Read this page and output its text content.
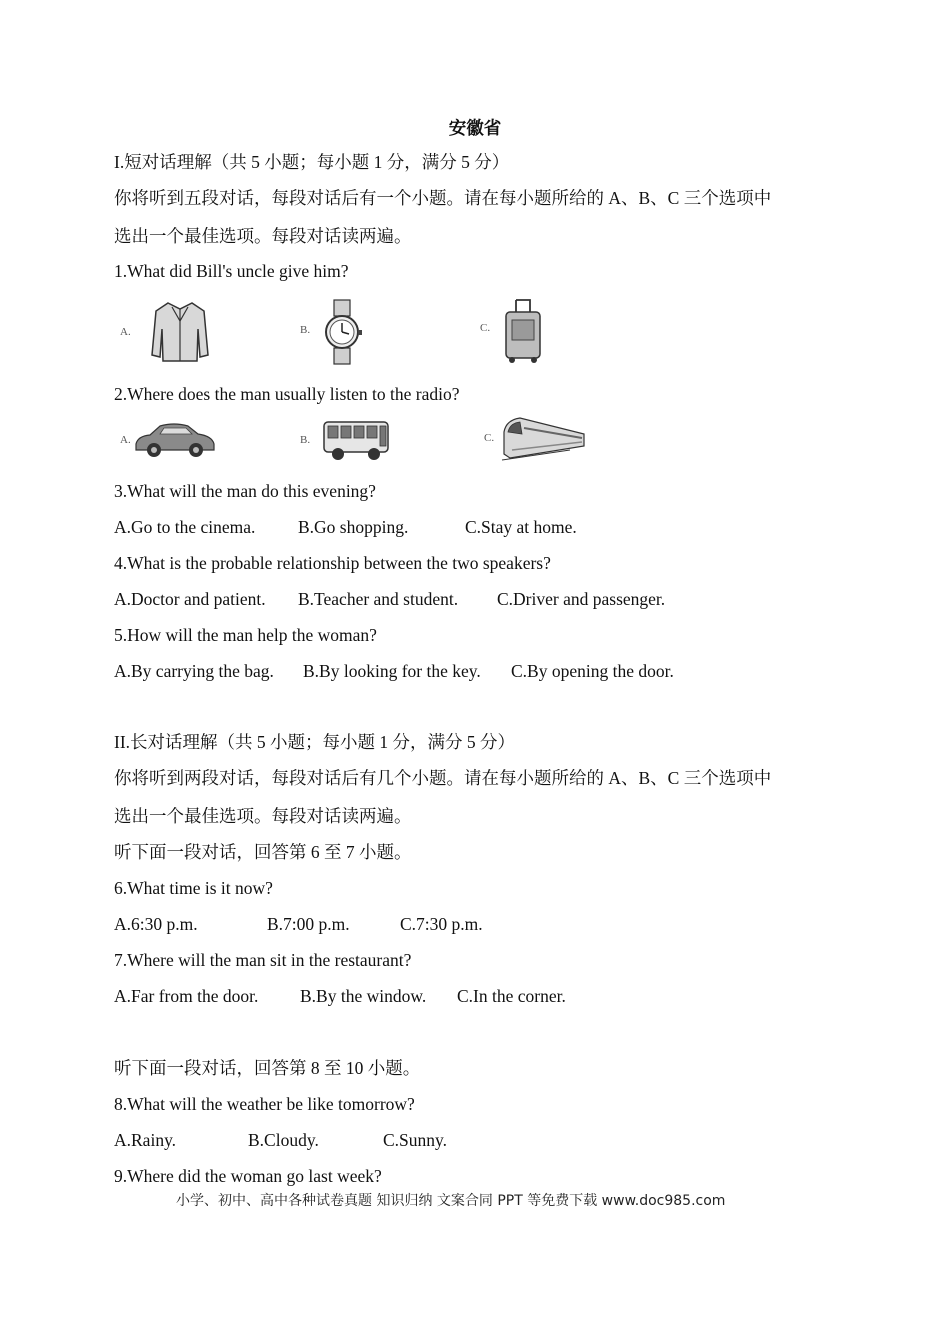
安徽省

I.短对话理解（共 5 小题；每小题 1 分，满分 5 分）

你将听到五段对话，每段对话后有一个小题。请在每小题所给的 A、B、C 三个选项中

选出一个最佳选项。每段对话读两遍。

1.What did Bill's uncle give him?

A.	B.	C.

2.Where does the man usually listen to the radio?

A.	B.	C.

3.What will the man do this evening?

A.Go to the cinema. B.Go shopping.	C.Stay at home.

4.What is the probable relationship between the two speakers?

A.Doctor and patient. B.Teacher and student. C.Driver and passenger.

5.How will the man help the woman?

A.By carrying the bag. B.By looking for the key. C.By opening the door.

II.长对话理解（共 5 小题；每小题 1 分，满分 5 分）

你将听到两段对话，每段对话后有几个小题。请在每小题所给的 A、B、C 三个选项中

选出一个最佳选项。每段对话读两遍。

听下面一段对话，回答第 6 至 7 小题。

6.What time is it now?

A.6:30 p.m.	B.7:00 p.m.	C.7:30 p.m.

7.Where will the man sit in the restaurant?

A.Far from the door. B.By the window. C.In the corner.

听下面一段对话，回答第 8 至 10 小题。

8.What will the weather be like tomorrow?

A.Rainy.	B.Cloudy.	C.Sunny.

9.Where did the woman go last week?

小学、初中、高中各种试卷真题 知识归纳 文案合同 PPT 等免费下载 www.doc985.com
